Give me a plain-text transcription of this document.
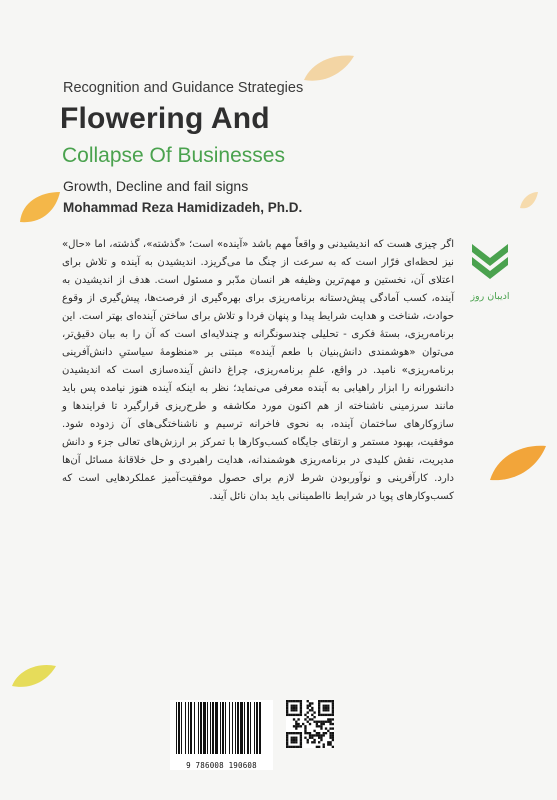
Recognition and Guidance Strategies
Flowering And
Collapse Of Businesses
Growth, Decline and fail signs
Mohammad Reza Hamidizadeh, Ph.D.
ادیبان روز

اگر چیزی هست که اندیشیدنی و واقعاً مهم باشد «آینده» است؛ «گذشته»، گذشته، اما «حال» نیز لحظه‌ای فرّار است که به سرعت از چنگ ما می‌گریزد. اندیشیدن به آینده و تلاش برای اعتلای آن، نخستین و مهم‌ترین وظیفه هر انسان مدّبر و مسئول است. هدف از اندیشیدن به آینده، کسب آمادگی پیش‌دستانه برنامه‌ریزی برای بهره‌گیری از فرصت‌ها، پیش‌گیری از وقوع حوادث، شناخت و هدایت شرایط پیدا و پنهان فردا و تلاش برای ساختن آینده‌ای بهتر است. این برنامه‌ریزی، بستهٔ فکری - تحلیلی چندسونگرانه و چندلایه‌ای است که آن را به بیان دقیق‌تر، می‌توان «هوشمندی دانش‌بنیان با طعم آینده» مبتنی بر «منظومهٔ سیاستیِ دانش‌آفرینی برنامه‌ریزی» نامید. در واقع، علمِ برنامه‌ریزی، چراغ دانش آینده‌سازی است که اندیشیدن دانشورانه را ابزار راهیابی به آینده معرفی می‌نماید؛ نظر به اینکه آینده هنوز نیامده پس باید مانند سرزمینی ناشناخته از هم اکنون مورد مکاشفه و طرح‌ریزی قرارگیرد تا فرایندها و سازوکارهای ساختمان آینده، به نحوی فاخرانه ترسیم و ناشناختگی‌های آن زدوده شود. موفقیت، بهبود مستمر و ارتقای جایگاه کسب‌وکارها با تمرکز بر ارزش‌های تعالی جزء و دانش مدیریت، نقش کلیدی در برنامه‌ریزی هوشمندانه، هدایت راهبردی و حل خلاقانهٔ مسائل آن‌ها دارد. کارآفرینی و نوآوربودن شرط لازم برای حصول موفقیت‌آمیز عملکردهایی است که کسب‌وکارهای پویا در شرایط نااطمینانی باید بدان نائل آیند.

9 786008 190608
